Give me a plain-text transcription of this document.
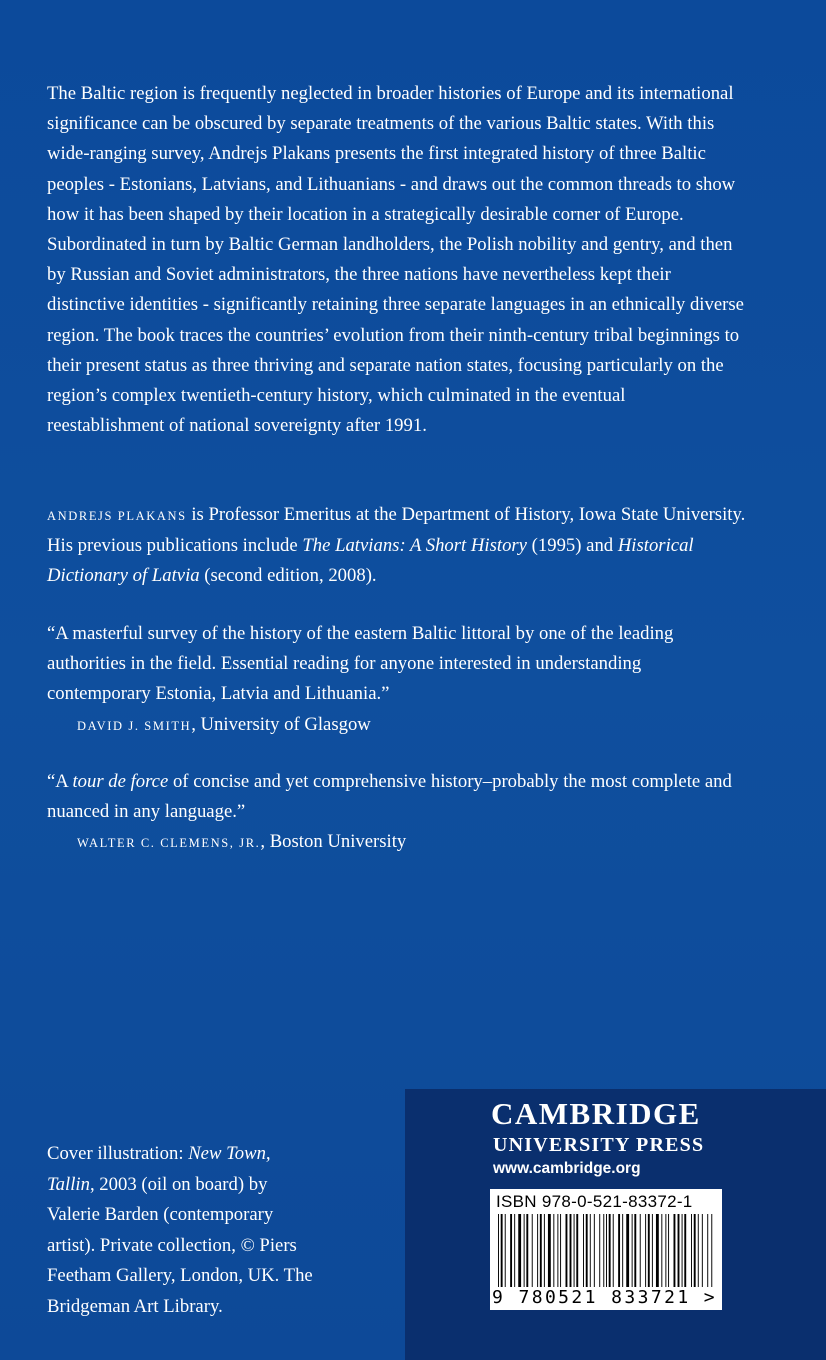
The Baltic region is frequently neglected in broader histories of Europe and its international significance can be obscured by separate treatments of the various Baltic states. With this wide-ranging survey, Andrejs Plakans presents the first integrated history of three Baltic peoples - Estonians, Latvians, and Lithuanians - and draws out the common threads to show how it has been shaped by their location in a strategically desirable corner of Europe. Subordinated in turn by Baltic German landholders, the Polish nobility and gentry, and then by Russian and Soviet administrators, the three nations have nevertheless kept their distinctive identities - significantly retaining three separate languages in an ethnically diverse region. The book traces the countries’ evolution from their ninth-century tribal beginnings to their present status as three thriving and separate nation states, focusing particularly on the region’s complex twentieth-century history, which culminated in the eventual reestablishment of national sovereignty after 1991.

ANDREJS PLAKANS is Professor Emeritus at the Department of History, Iowa State University. His previous publications include The Latvians: A Short History (1995) and Historical Dictionary of Latvia (second edition, 2008).

“A masterful survey of the history of the eastern Baltic littoral by one of the leading authorities in the field. Essential reading for anyone interested in understanding contemporary Estonia, Latvia and Lithuania.”
DAVID J. SMITH, University of Glasgow

“A tour de force of concise and yet comprehensive history–probably the most complete and nuanced in any language.”
WALTER C. CLEMENS, JR., Boston University

Cover illustration: New Town, Tallin, 2003 (oil on board) by Valerie Barden (contemporary artist). Private collection, © Piers Feetham Gallery, London, UK. The Bridgeman Art Library.

CAMBRIDGE
UNIVERSITY PRESS
www.cambridge.org
ISBN 978-0-521-83372-1
9 780521 833721 >
